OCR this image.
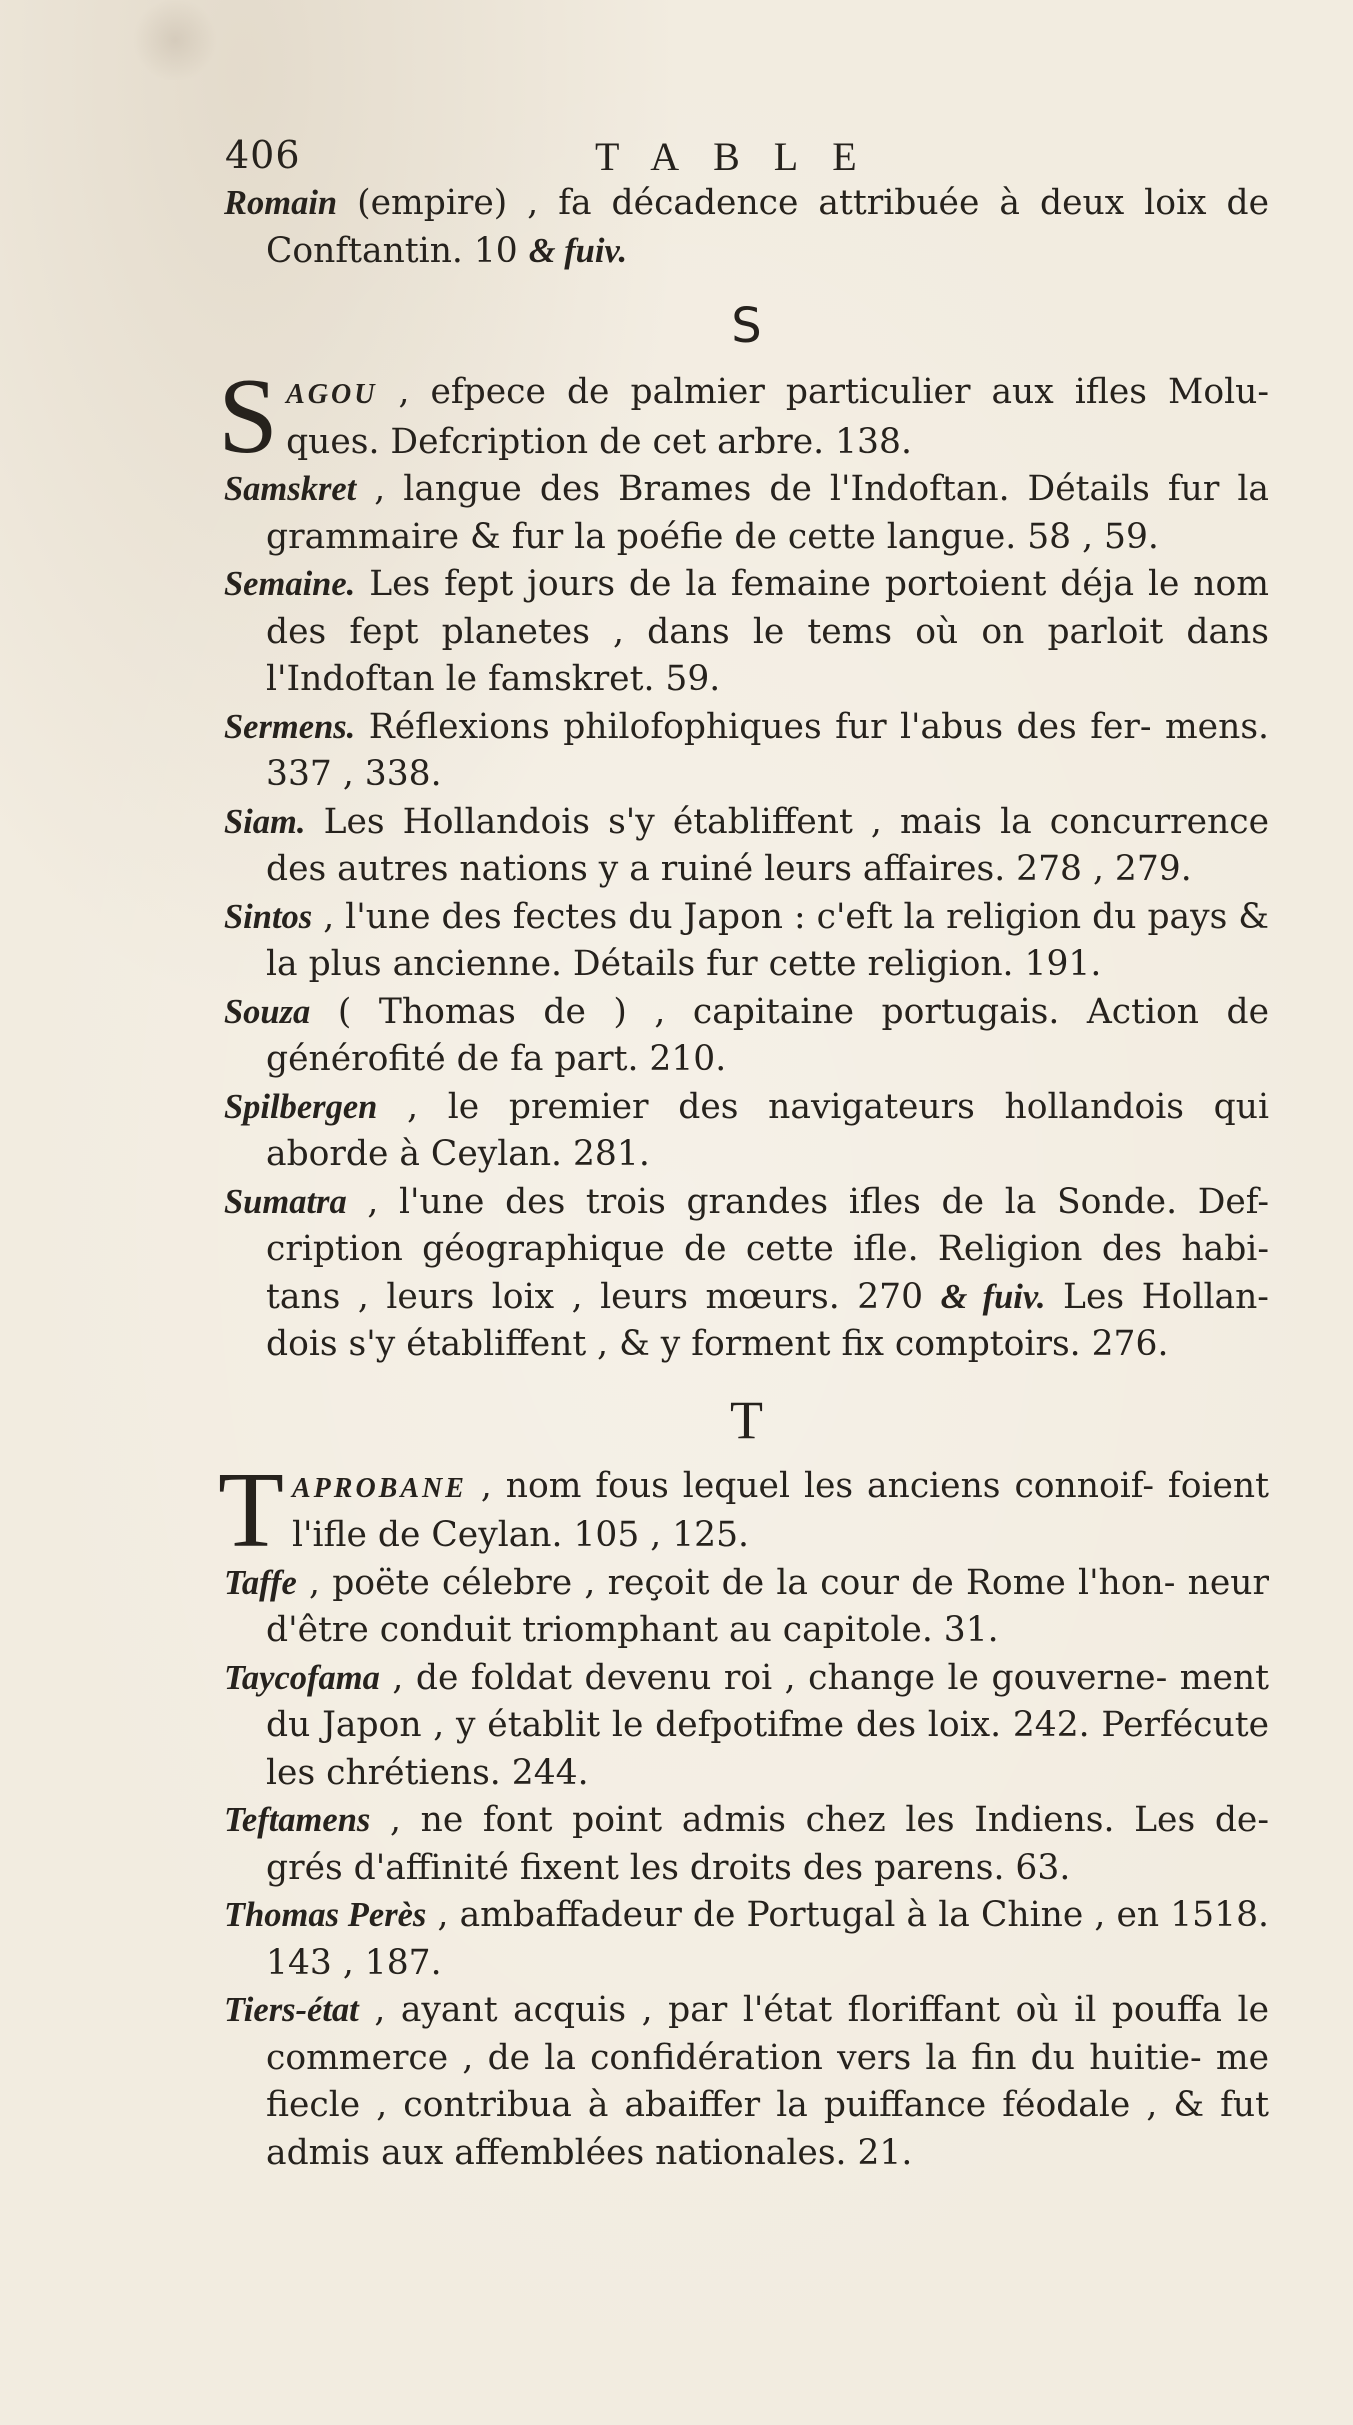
406	TABLE

Romain (empire) , fa décadence attribuée à deux loix de Conftantin. 10 & fuiv.

S

SAGOU , efpece de palmier particulier aux ifles Molu- ques. Defcription de cet arbre. 138.

Samskret , langue des Brames de l'Indoftan. Détails fur la grammaire & fur la poéfie de cette langue. 58 , 59.

Semaine. Les fept jours de la femaine portoient déja le nom des fept planetes , dans le tems où on parloit dans l'Indoftan le famskret. 59.

Sermens. Réflexions philofophiques fur l'abus des fer- mens. 337 , 338.

Siam. Les Hollandois s'y établiffent , mais la concurrence des autres nations y a ruiné leurs affaires. 278 , 279.

Sintos , l'une des fectes du Japon : c'eft la religion du pays & la plus ancienne. Détails fur cette religion. 191.

Souza ( Thomas de ) , capitaine portugais. Action de générofité de fa part. 210.

Spilbergen , le premier des navigateurs hollandois qui aborde à Ceylan. 281.

Sumatra , l'une des trois grandes ifles de la Sonde. Def- cription géographique de cette ifle. Religion des habi- tans , leurs loix , leurs mœurs. 270 & fuiv. Les Hollan- dois s'y établiffent , & y forment fix comptoirs. 276.

T

TAPROBANE , nom fous lequel les anciens connoif- foient l'ifle de Ceylan. 105 , 125.

Taffe , poëte célebre , reçoit de la cour de Rome l'hon- neur d'être conduit triomphant au capitole. 31.

Taycofama , de foldat devenu roi , change le gouverne- ment du Japon , y établit le defpotifme des loix. 242. Perfécute les chrétiens. 244.

Teftamens , ne font point admis chez les Indiens. Les de- grés d'affinité fixent les droits des parens. 63.

Thomas Perès , ambaffadeur de Portugal à la Chine , en 1518. 143 , 187.

Tiers-état , ayant acquis , par l'état floriffant où il pouffa le commerce , de la confidération vers la fin du huitie- me fiecle , contribua à abaiffer la puiffance féodale , & fut admis aux affemblées nationales. 21.
